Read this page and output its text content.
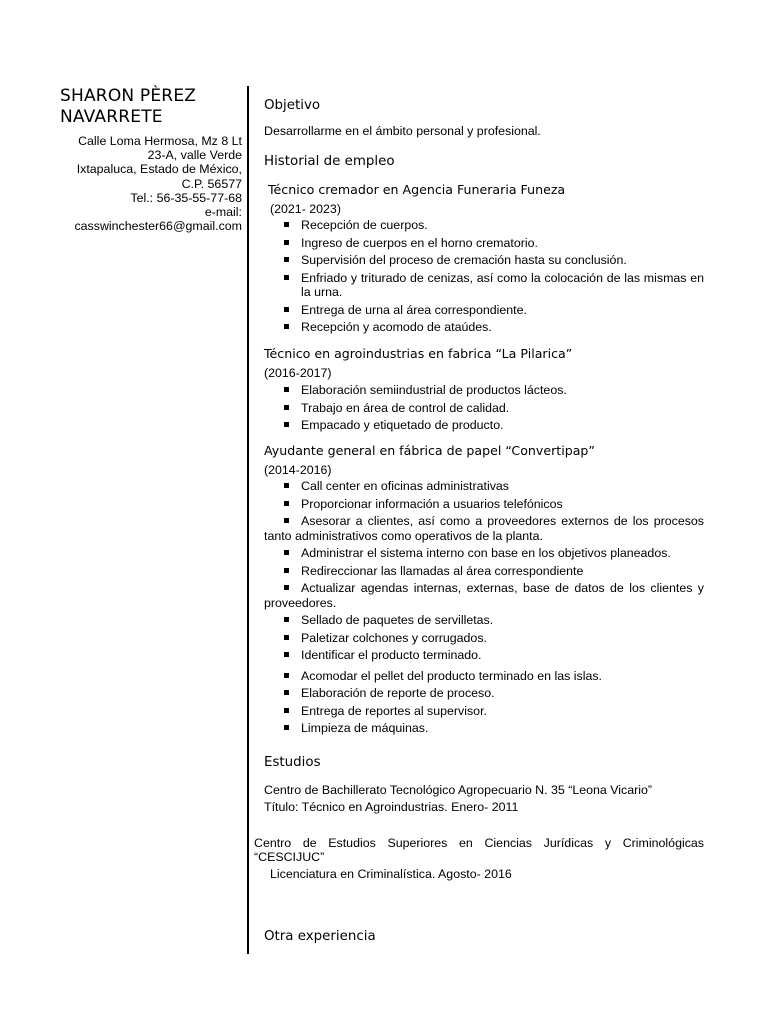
SHARON PÈREZ
NAVARRETE
Calle Loma Hermosa, Mz 8 Lt
23-A, valle Verde
Ixtapaluca, Estado de México,
C.P. 56577
Tel.: 56-35-55-77-68
e-mail:
casswinchester66@gmail.com
Objetivo
Desarrollarme en el ámbito personal y profesional.
Historial de empleo
Técnico cremador en Agencia Funeraria Funeza
(2021- 2023)
Recepción de cuerpos.
Ingreso de cuerpos en el horno crematorio.
Supervisión del proceso de cremación hasta su conclusión.
Enfriado y triturado de cenizas, así como la colocación de las mismas en la urna.
Entrega de urna al área correspondiente.
Recepción y acomodo de ataúdes.
Técnico en agroindustrias en fabrica “La Pilarica”
(2016-2017)
Elaboración semiindustrial de productos lácteos.
Trabajo en área de control de calidad.
Empacado y etiquetado de producto.
Ayudante general en fábrica de papel “Convertipap”
(2014-2016)
Call center en oficinas administrativas
Proporcionar información a usuarios telefónicos
Asesorar a clientes, así como a proveedores externos de los procesos tanto administrativos como operativos de la planta.
Administrar el sistema interno con base en los objetivos planeados.
Redireccionar las llamadas al área correspondiente
Actualizar agendas internas, externas, base de datos de los clientes y proveedores.
Sellado de paquetes de servilletas.
Paletizar colchones y corrugados.
Identificar el producto terminado.
Acomodar el pellet del producto terminado en las islas.
Elaboración de reporte de proceso.
Entrega de reportes al supervisor.
Limpieza de máquinas.
Estudios
Centro de Bachillerato Tecnológico Agropecuario N. 35 “Leona Vicario”
Título: Técnico en Agroindustrias. Enero- 2011
Centro de Estudios Superiores en Ciencias Jurídicas y Criminológicas “CESCIJUC”
Licenciatura en Criminalística. Agosto- 2016
Otra experiencia
